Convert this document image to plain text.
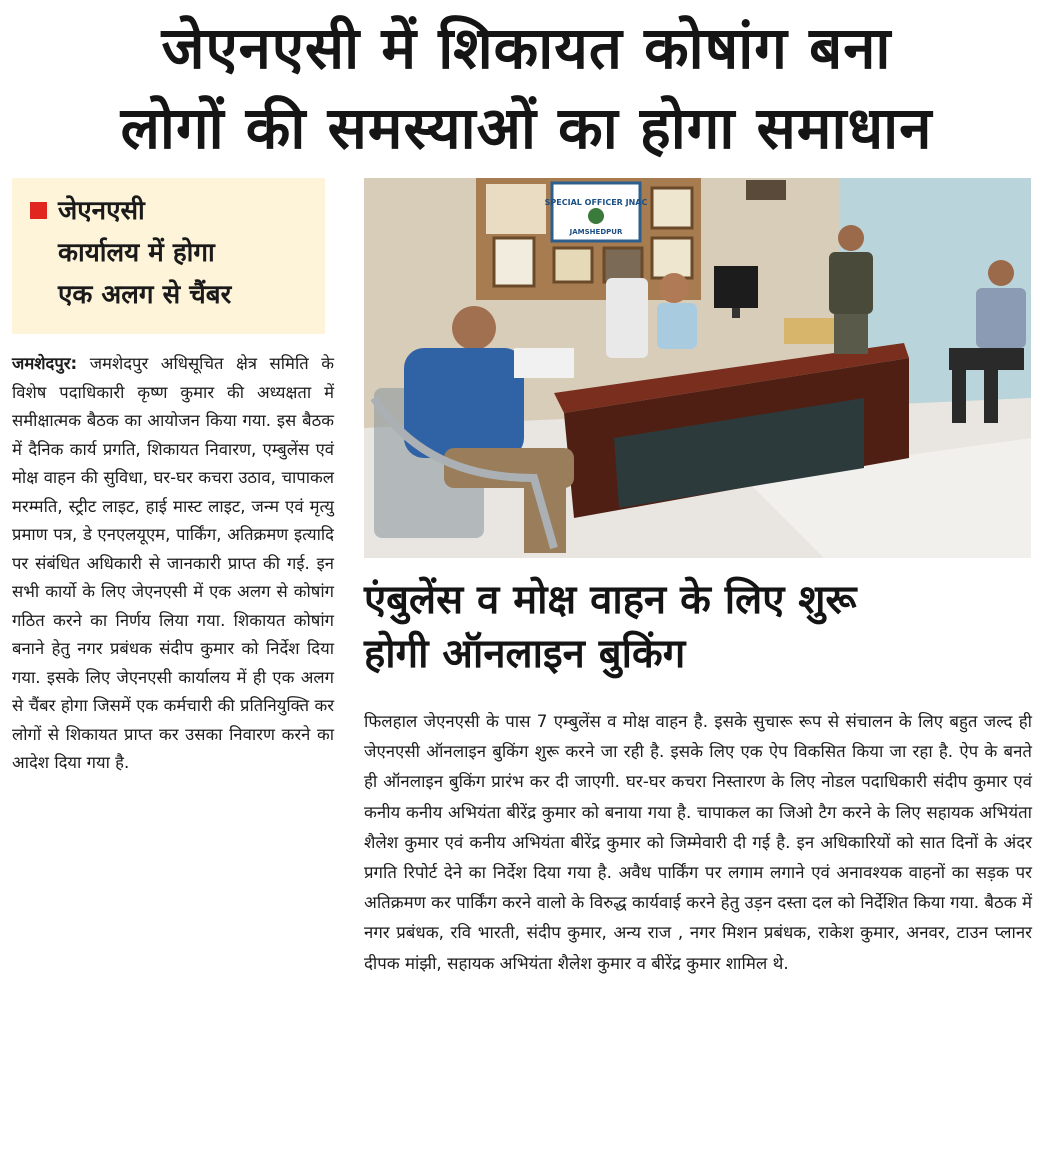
जेएनएसी में शिकायत कोषांग बना
लोगों की समस्याओं का होगा समाधान
जेएनएसी
कार्यालय में होगा
एक अलग से चैंबर
जमशेदपुर: जमशेदपुर अधिसूचित क्षेत्र समिति के विशेष पदाधिकारी कृष्ण कुमार की अध्यक्षता में समीक्षात्मक बैठक का आयोजन किया गया. इस बैठक में दैनिक कार्य प्रगति, शिकायत निवारण, एम्बुलेंस एवं मोक्ष वाहन की सुविधा, घर-घर कचरा उठाव, चापाकल मरम्मति, स्ट्रीट लाइट, हाई मास्ट लाइट, जन्म एवं मृत्यु प्रमाण पत्र, डे एनएलयूएम, पार्किंग, अतिक्रमण इत्यादि पर संबंधित अधिकारी से जानकारी प्राप्त की गई. इन सभी कार्यो के लिए जेएनएसी में एक अलग से कोषांग गठित करने का निर्णय लिया गया. शिकायत कोषांग बनाने हेतु नगर प्रबंधक संदीप कुमार को निर्देश दिया गया. इसके लिए जेएनएसी कार्यालय में ही एक अलग से चैंबर होगा जिसमें एक कर्मचारी की प्रतिनियुक्ति कर लोगों से शिकायत प्राप्त कर उसका निवारण करने का आदेश दिया गया है.
SPECIAL OFFICER JNAC
JAMSHEDPUR
एंबुलेंस व मोक्ष वाहन के लिए शुरू
होगी ऑनलाइन बुकिंग
फिलहाल जेएनएसी के पास 7 एम्बुलेंस व मोक्ष वाहन है. इसके सुचारू रूप से संचालन के लिए बहुत जल्द ही जेएनएसी ऑनलाइन बुकिंग शुरू करने जा रही है. इसके लिए एक ऐप विकसित किया जा रहा है. ऐप के बनते ही ऑनलाइन बुकिंग प्रारंभ कर दी जाएगी. घर-घर कचरा निस्तारण के लिए नोडल पदाधिकारी संदीप कुमार एवं कनीय कनीय अभियंता बीरेंद्र कुमार को बनाया गया है. चापाकल का जिओ टैग करने के लिए सहायक अभियंता शैलेश कुमार एवं कनीय अभियंता बीरेंद्र कुमार को जिम्मेवारी दी गई है. इन अधिकारियों को सात दिनों के अंदर प्रगति रिपोर्ट देने का निर्देश दिया गया है. अवैध पार्किंग पर लगाम लगाने एवं अनावश्यक वाहनों का सड़क पर अतिक्रमण कर पार्किंग करने वालो के विरुद्ध कार्यवाई करने हेतु उड़न दस्ता दल को निर्देशित किया गया. बैठक में नगर प्रबंधक, रवि भारती, संदीप कुमार, अन्य राज , नगर मिशन प्रबंधक, राकेश कुमार, अनवर, टाउन प्लानर दीपक मांझी, सहायक अभियंता शैलेश कुमार व बीरेंद्र कुमार शामिल थे.
